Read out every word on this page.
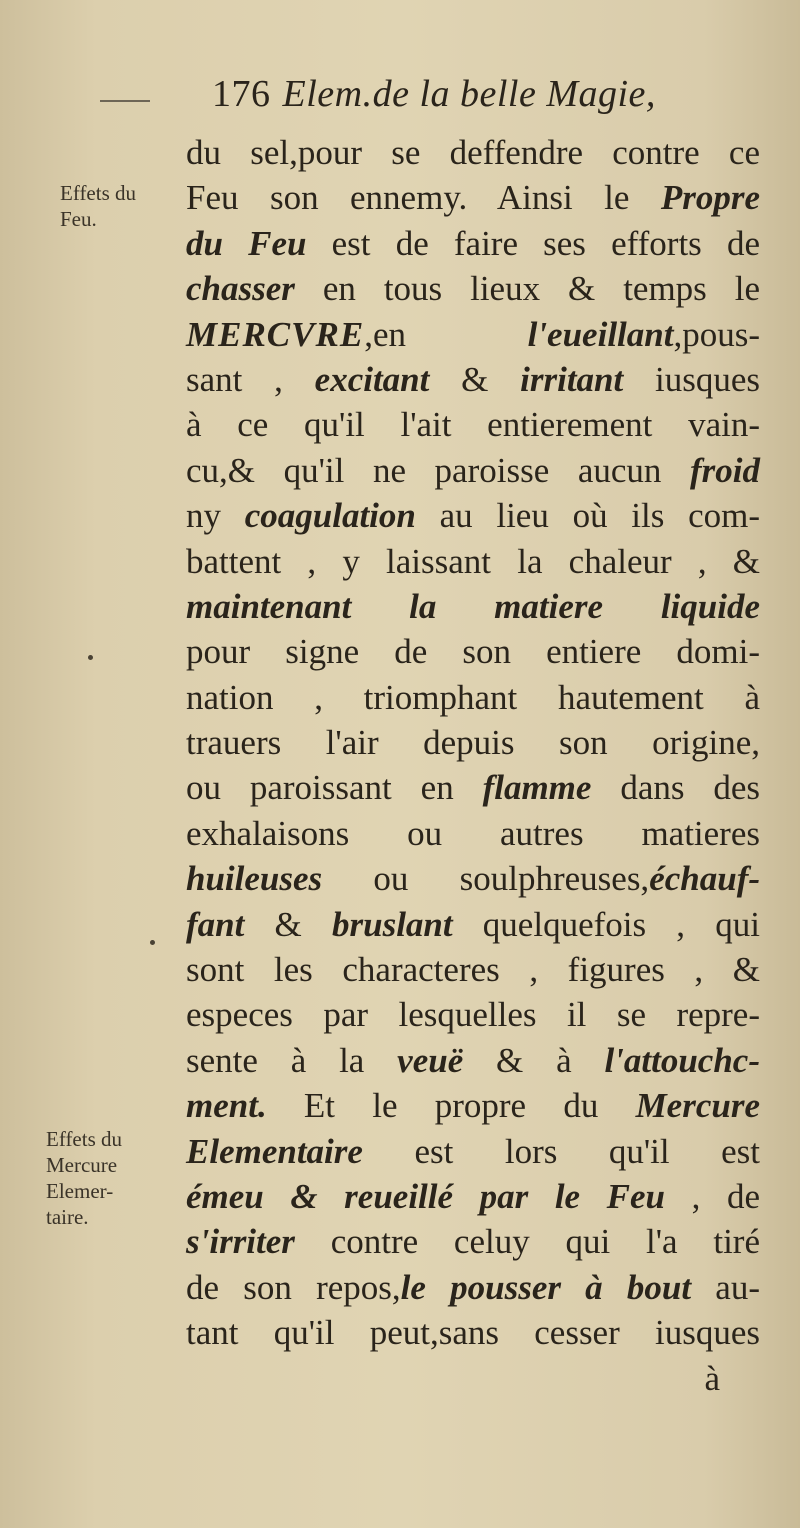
176 Elem.de la belle Magie,
Effets du
Feu.
Effets du
Mercure
Elemer-
taire.
du sel,pour se deffendre contre ce
Feu son ennemy. Ainsi le Propre
du Feu est de faire ses efforts de
chasser en tous lieux & temps le
MERCVRE,en l'eueillant,pous-
sant , excitant & irritant iusques
à ce qu'il l'ait entierement vain-
cu,& qu'il ne paroisse aucun froid
ny coagulation au lieu où ils com-
battent , y laissant la chaleur , &
maintenant la matiere liquide
pour signe de son entiere domi-
nation , triomphant hautement à
trauers l'air depuis son origine,
ou paroissant en flamme dans des
exhalaisons ou autres matieres
huileuses ou soulphreuses,échauf-
fant & bruslant quelquefois , qui
sont les characteres , figures , &
especes par lesquelles il se repre-
sente à la veuë & à l'attouchc-
ment. Et le propre du Mercure
Elementaire est lors qu'il est
émeu & reueillé par le Feu , de
s'irriter contre celuy qui l'a tiré
de son repos,le pousser à bout au-
tant qu'il peut,sans cesser iusques
à
